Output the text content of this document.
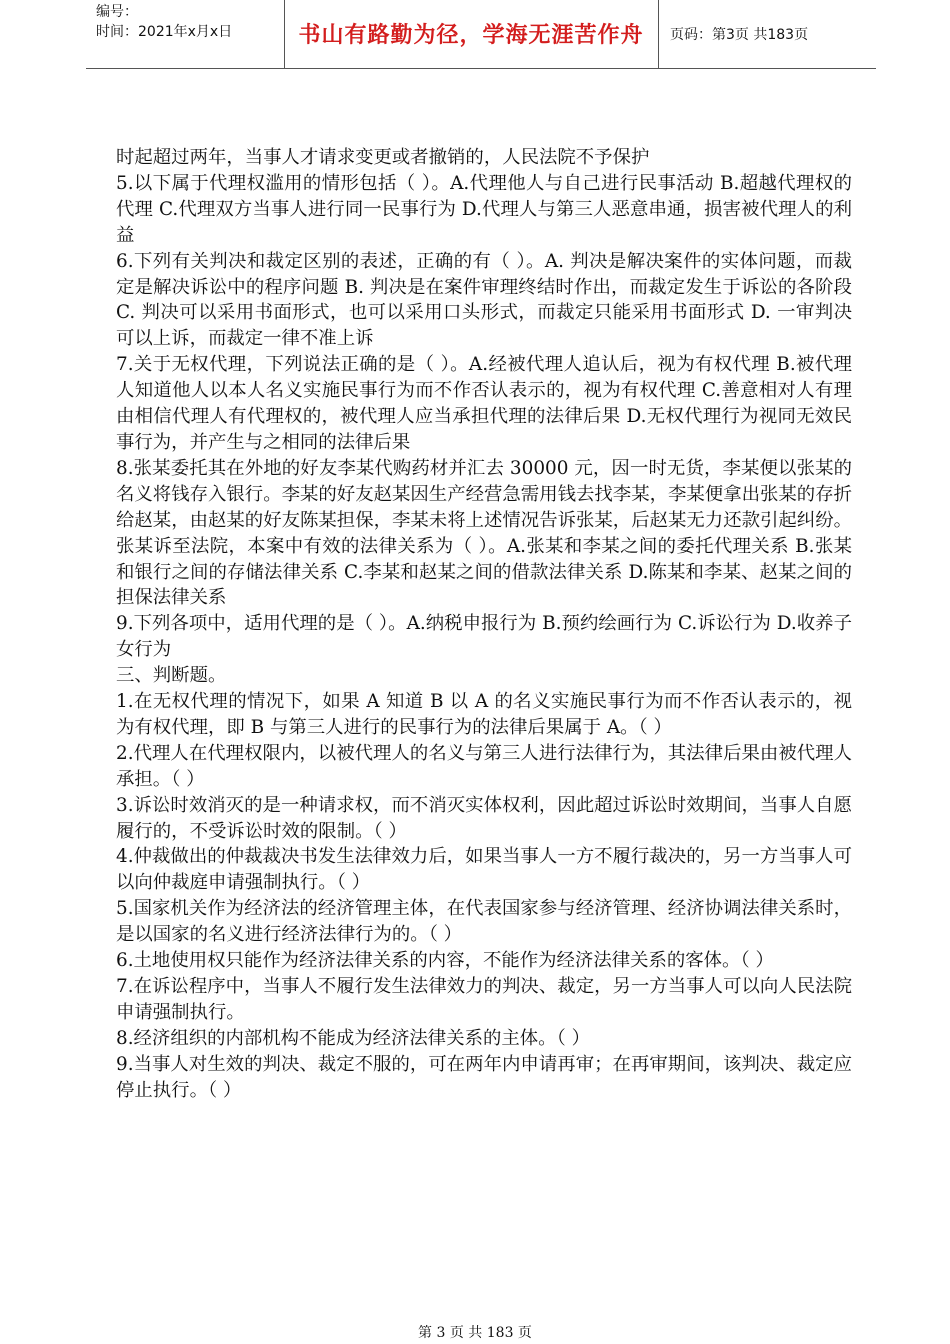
编号：
时间：2021年x月x日	书山有路勤为径，学海无涯苦作舟	页码：第3页 共183页

时起超过两年，当事人才请求变更或者撤销的，人民法院不予保护

5.以下属于代理权滥用的情形包括（ ）。A.代理他人与自己进行民事活动 B.超越代理权的代理 C.代理双方当事人进行同一民事行为 D.代理人与第三人恶意串通，损害被代理人的利益

6.下列有关判决和裁定区别的表述，正确的有（ ）。A. 判决是解决案件的实体问题，而裁定是解决诉讼中的程序问题 B. 判决是在案件审理终结时作出，而裁定发生于诉讼的各阶段 C. 判决可以采用书面形式，也可以采用口头形式，而裁定只能采用书面形式 D. 一审判决可以上诉，而裁定一律不准上诉

7.关于无权代理，下列说法正确的是（ ）。A.经被代理人追认后，视为有权代理 B.被代理人知道他人以本人名义实施民事行为而不作否认表示的，视为有权代理 C.善意相对人有理由相信代理人有代理权的，被代理人应当承担代理的法律后果 D.无权代理行为视同无效民事行为，并产生与之相同的法律后果

8.张某委托其在外地的好友李某代购药材并汇去 30000 元，因一时无货，李某便以张某的名义将钱存入银行。李某的好友赵某因生产经营急需用钱去找李某，李某便拿出张某的存折给赵某，由赵某的好友陈某担保，李某未将上述情况告诉张某，后赵某无力还款引起纠纷。张某诉至法院，本案中有效的法律关系为（ ）。A.张某和李某之间的委托代理关系 B.张某和银行之间的存储法律关系 C.李某和赵某之间的借款法律关系 D.陈某和李某、赵某之间的担保法律关系

9.下列各项中，适用代理的是（ ）。A.纳税申报行为 B.预约绘画行为 C.诉讼行为 D.收养子女行为

三、判断题。

1.在无权代理的情况下，如果 A 知道 B 以 A 的名义实施民事行为而不作否认表示的，视为有权代理，即 B 与第三人进行的民事行为的法律后果属于 A。（ ）

2.代理人在代理权限内，以被代理人的名义与第三人进行法律行为，其法律后果由被代理人承担。（ ）

3.诉讼时效消灭的是一种请求权，而不消灭实体权利，因此超过诉讼时效期间，当事人自愿履行的，不受诉讼时效的限制。（ ）

4.仲裁做出的仲裁裁决书发生法律效力后，如果当事人一方不履行裁决的，另一方当事人可以向仲裁庭申请强制执行。（ ）

5.国家机关作为经济法的经济管理主体，在代表国家参与经济管理、经济协调法律关系时，是以国家的名义进行经济法律行为的。（ ）

6.土地使用权只能作为经济法律关系的内容，不能作为经济法律关系的客体。（ ）

7.在诉讼程序中，当事人不履行发生法律效力的判决、裁定，另一方当事人可以向人民法院申请强制执行。

8.经济组织的内部机构不能成为经济法律关系的主体。（ ）

9.当事人对生效的判决、裁定不服的，可在两年内申请再审；在再审期间，该判决、裁定应停止执行。（ ）

第 3 页 共 183 页
